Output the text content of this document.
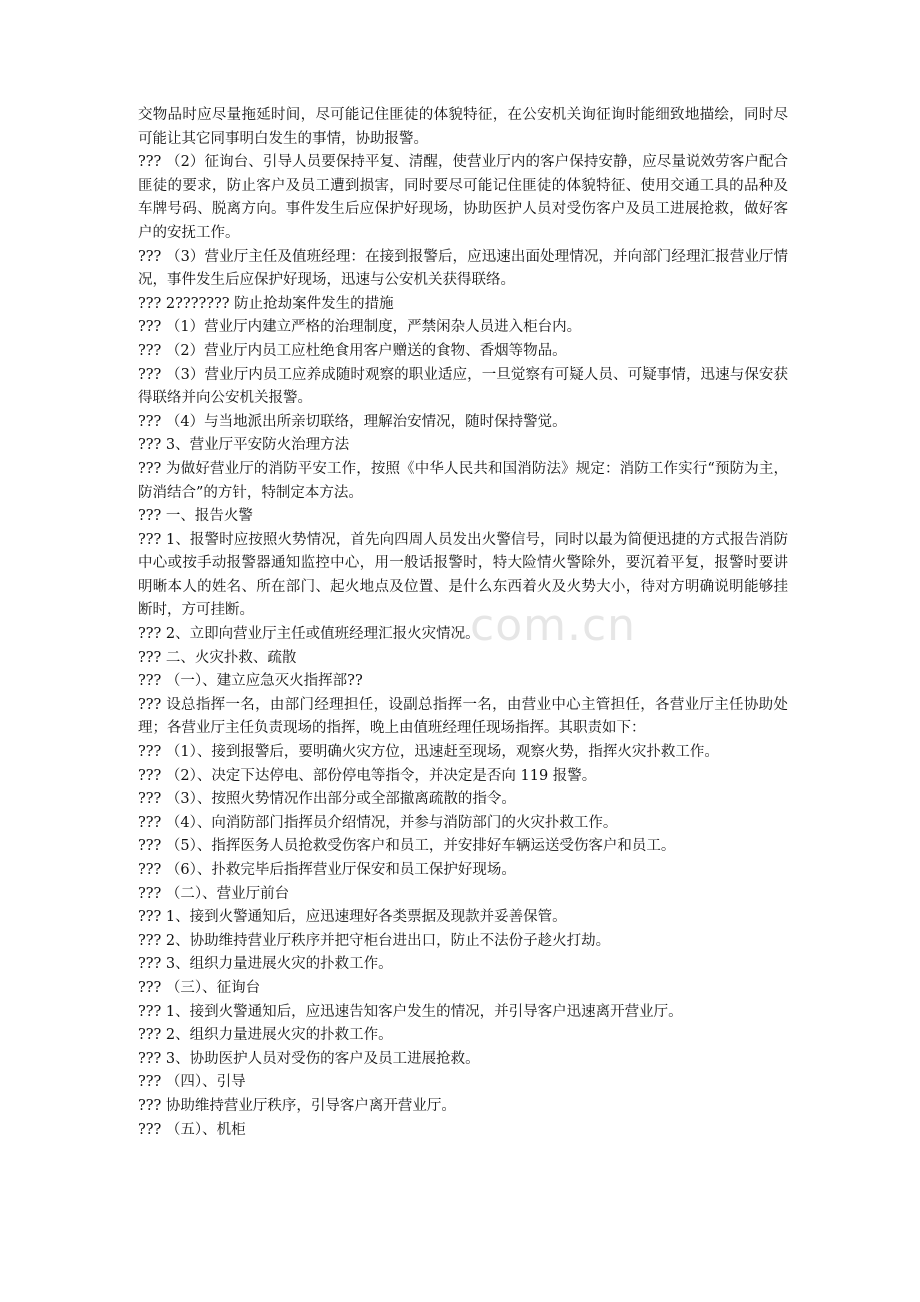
com.cn

交物品时应尽量拖延时间，尽可能记住匪徒的体貌特征，在公安机关询征询时能细致地描绘，同时尽可能让其它同事明白发生的事情，协助报警。

??? （2）征询台、引导人员要保持平复、清醒，使营业厅内的客户保持安静，应尽量说效劳客户配合匪徒的要求，防止客户及员工遭到损害，同时要尽可能记住匪徒的体貌特征、使用交通工具的品种及车牌号码、脱离方向。事件发生后应保护好现场，协助医护人员对受伤客户及员工进展抢救，做好客户的安抚工作。

??? （3）营业厅主任及值班经理：在接到报警后，应迅速出面处理情况，并向部门经理汇报营业厅情况，事件发生后应保护好现场，迅速与公安机关获得联络。

??? 2??????? 防止抢劫案件发生的措施

??? （1）营业厅内建立严格的治理制度，严禁闲杂人员进入柜台内。

??? （2）营业厅内员工应杜绝食用客户赠送的食物、香烟等物品。

??? （3）营业厅内员工应养成随时观察的职业适应，一旦觉察有可疑人员、可疑事情，迅速与保安获得联络并向公安机关报警。

??? （4）与当地派出所亲切联络，理解治安情况，随时保持警觉。

??? 3、营业厅平安防火治理方法

??? 为做好营业厅的消防平安工作，按照《中华人民共和国消防法》规定：消防工作实行“预防为主，防消结合”的方针，特制定本方法。

??? 一、报告火警

??? 1、报警时应按照火势情况，首先向四周人员发出火警信号，同时以最为简便迅捷的方式报告消防中心或按手动报警器通知监控中心，用一般话报警时，特大险情火警除外，要沉着平复，报警时要讲明晰本人的姓名、所在部门、起火地点及位置、是什么东西着火及火势大小，待对方明确说明能够挂断时，方可挂断。

??? 2、立即向营业厅主任或值班经理汇报火灾情况。

??? 二、火灾扑救、疏散

??? （一）、建立应急灭火指挥部??

??? 设总指挥一名，由部门经理担任，设副总指挥一名，由营业中心主管担任，各营业厅主任协助处理；各营业厅主任负责现场的指挥，晚上由值班经理任现场指挥。其职责如下：

??? （1）、接到报警后，要明确火灾方位，迅速赶至现场，观察火势，指挥火灾扑救工作。

??? （2）、决定下达停电、部份停电等指令，并决定是否向 119 报警。

??? （3）、按照火势情况作出部分或全部撤离疏散的指令。

??? （4）、向消防部门指挥员介绍情况，并参与消防部门的火灾扑救工作。

??? （5）、指挥医务人员抢救受伤客户和员工，并安排好车辆运送受伤客户和员工。

??? （6）、扑救完毕后指挥营业厅保安和员工保护好现场。

??? （二）、营业厅前台

??? 1、接到火警通知后，应迅速理好各类票据及现款并妥善保管。

??? 2、协助维持营业厅秩序并把守柜台进出口，防止不法份子趁火打劫。

??? 3、组织力量进展火灾的扑救工作。

??? （三）、征询台

??? 1、接到火警通知后，应迅速告知客户发生的情况，并引导客户迅速离开营业厅。

??? 2、组织力量进展火灾的扑救工作。

??? 3、协助医护人员对受伤的客户及员工进展抢救。

??? （四）、引导

??? 协助维持营业厅秩序，引导客户离开营业厅。

??? （五）、机柜
